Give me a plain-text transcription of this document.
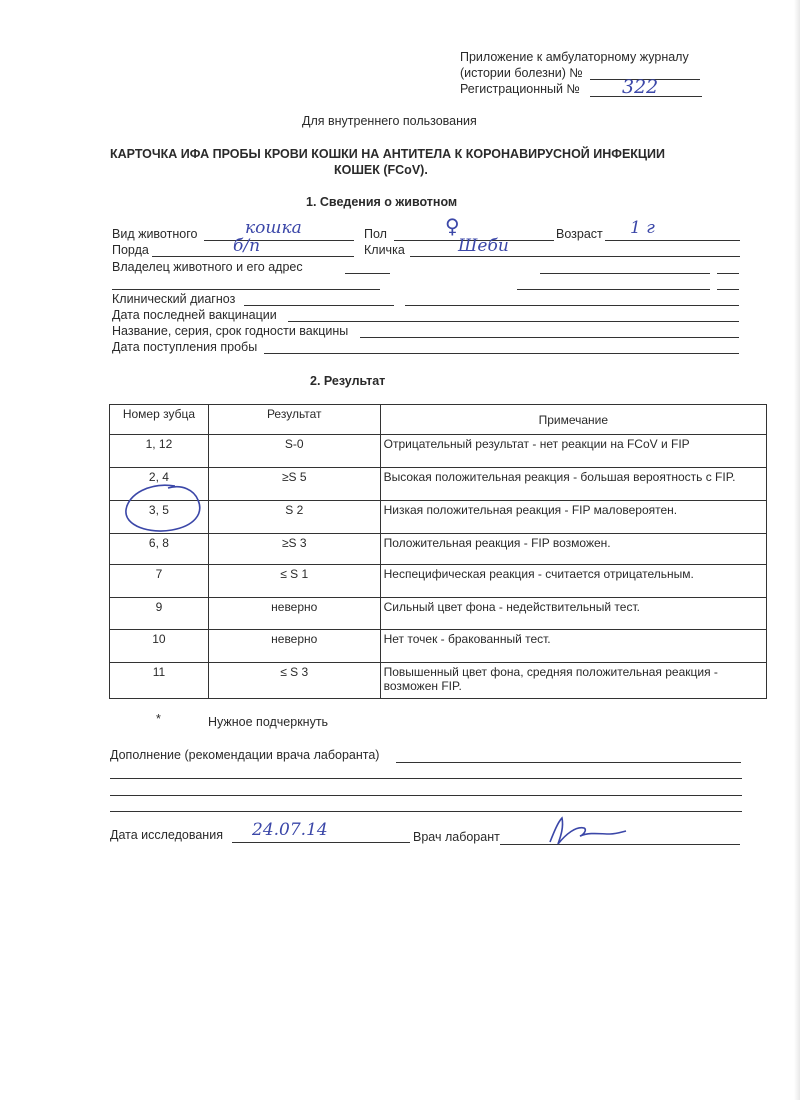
Приложение к амбулаторному журналу
(истории болезни) №
Регистрационный № 322
Для внутреннего пользования
КАРТОЧКА ИФА ПРОБЫ КРОВИ КОШКИ НА АНТИТЕЛА К КОРОНАВИРУСНОЙ ИНФЕКЦИИ
КОШЕК (FCoV).
1. Сведения о животном
Вид животного	кошка	Пол	♀	Возраст 1 г
Порда	б/п	Кличка	Шеби
Владелец животного и его адрес
Клинический диагноз
Дата последней вакцинации
Название, серия, срок годности вакцины
Дата поступления пробы
2. Результат
Номер зубца	Результат	Примечание
1, 12	S-0	Отрицательный результат - нет реакции на FCoV и FIP
2, 4	≥S 5	Высокая положительная реакция - большая вероятность с FIP.
3, 5	S 2	Низкая положительная реакция - FIP маловероятен.
6, 8	≥S 3	Положительная реакция - FIP возможен.
7	≤ S 1	Неспецифическая реакция - считается отрицательным.
9	неверно	Сильный цвет фона - недействительный тест.
10	неверно	Нет точек - бракованный тест.
11	≤ S 3	Повышенный цвет фона, средняя положительная реакция - возможен FIP.
*	Нужное подчеркнуть
Дополнение (рекомендации врача лаборанта)
Дата исследования 24.07.14	Врач лаборант
